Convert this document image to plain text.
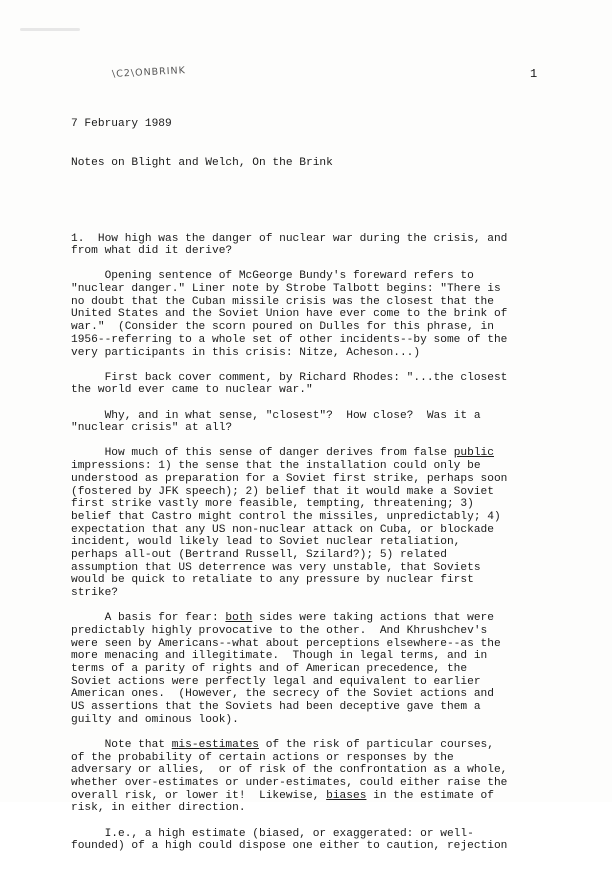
\C2\ONBRINK	1

7 February 1989

Notes on Blight and Welch, On the Brink

1.  How high was the danger of nuclear war during the crisis, and
from what did it derive?
Opening sentence of McGeorge Bundy's foreward refers to
"nuclear danger." Liner note by Strobe Talbott begins: "There is
no doubt that the Cuban missile crisis was the closest that the
United States and the Soviet Union have ever come to the brink of
war."  (Consider the scorn poured on Dulles for this phrase, in
1956--referring to a whole set of other incidents--by some of the
very participants in this crisis: Nitze, Acheson...)
First back cover comment, by Richard Rhodes: "...the closest
the world ever came to nuclear war."
Why, and in what sense, "closest"?  How close?  Was it a
"nuclear crisis" at all?
How much of this sense of danger derives from false public
impressions: 1) the sense that the installation could only be
understood as preparation for a Soviet first strike, perhaps soon
(fostered by JFK speech); 2) belief that it would make a Soviet
first strike vastly more feasible, tempting, threatening; 3)
belief that Castro might control the missiles, unpredictably; 4)
expectation that any US non-nuclear attack on Cuba, or blockade
incident, would likely lead to Soviet nuclear retaliation,
perhaps all-out (Bertrand Russell, Szilard?); 5) related
assumption that US deterrence was very unstable, that Soviets
would be quick to retaliate to any pressure by nuclear first
strike?
A basis for fear: both sides were taking actions that were
predictably highly provocative to the other.  And Khrushchev's
were seen by Americans--what about perceptions elsewhere--as the
more menacing and illegitimate.  Though in legal terms, and in
terms of a parity of rights and of American precedence, the
Soviet actions were perfectly legal and equivalent to earlier
American ones.  (However, the secrecy of the Soviet actions and
US assertions that the Soviets had been deceptive gave them a
guilty and ominous look).
Note that mis-estimates of the risk of particular courses,
of the probability of certain actions or responses by the
adversary or allies,  or of risk of the confrontation as a whole,
whether over-estimates or under-estimates, could either raise the
overall risk, or lower it!  Likewise, biases in the estimate of
risk, in either direction.
I.e., a high estimate (biased, or exaggerated: or well-
founded) of a high could dispose one either to caution, rejection
